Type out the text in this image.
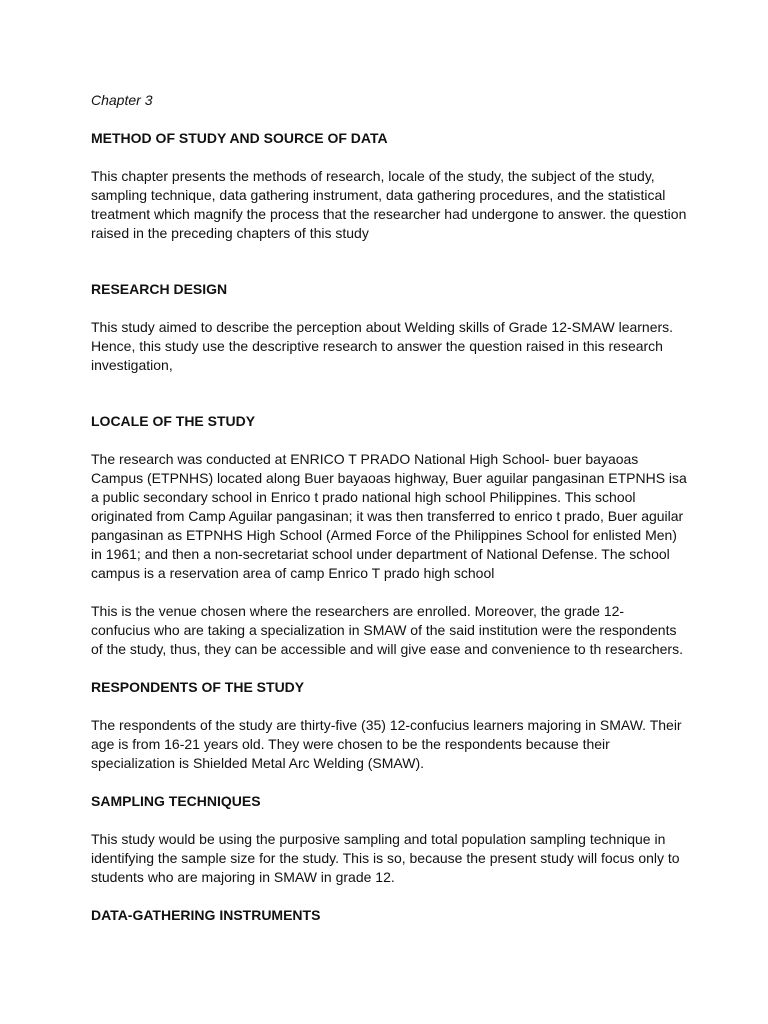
Chapter 3
METHOD OF STUDY AND SOURCE OF DATA
This chapter presents the methods of research, locale of the study, the subject of the study,
sampling technique, data gathering instrument, data gathering procedures, and the statistical
treatment which magnify the process that the researcher had undergone to answer. the question
raised in the preceding chapters of this study
RESEARCH DESIGN
This study aimed to describe the perception about Welding skills of Grade 12-SMAW learners.
Hence, this study use the descriptive research to answer the question raised in this research
investigation,
LOCALE OF THE STUDY
The research was conducted at ENRICO T PRADO National High School- buer bayaoas
Campus (ETPNHS) located along Buer bayaoas highway, Buer aguilar pangasinan ETPNHS isa
a public secondary school in Enrico t prado national high school Philippines. This school
originated from Camp Aguilar pangasinan; it was then transferred to enrico t prado, Buer aguilar
pangasinan as ETPNHS High School (Armed Force of the Philippines School for enlisted Men)
in 1961; and then a non-secretariat school under department of National Defense. The school
campus is a reservation area of camp Enrico T prado high school
This is the venue chosen where the researchers are enrolled. Moreover, the grade 12-
confucius who are taking a specialization in SMAW of the said institution were the respondents
of the study, thus, they can be accessible and will give ease and convenience to th researchers.
RESPONDENTS OF THE STUDY
The respondents of the study are thirty-five (35) 12-confucius learners majoring in SMAW. Their
age is from 16-21 years old. They were chosen to be the respondents because their
specialization is Shielded Metal Arc Welding (SMAW).
SAMPLING TECHNIQUES
This study would be using the purposive sampling and total population sampling technique in
identifying the sample size for the study. This is so, because the present study will focus only to
students who are majoring in SMAW in grade 12.
DATA-GATHERING INSTRUMENTS
